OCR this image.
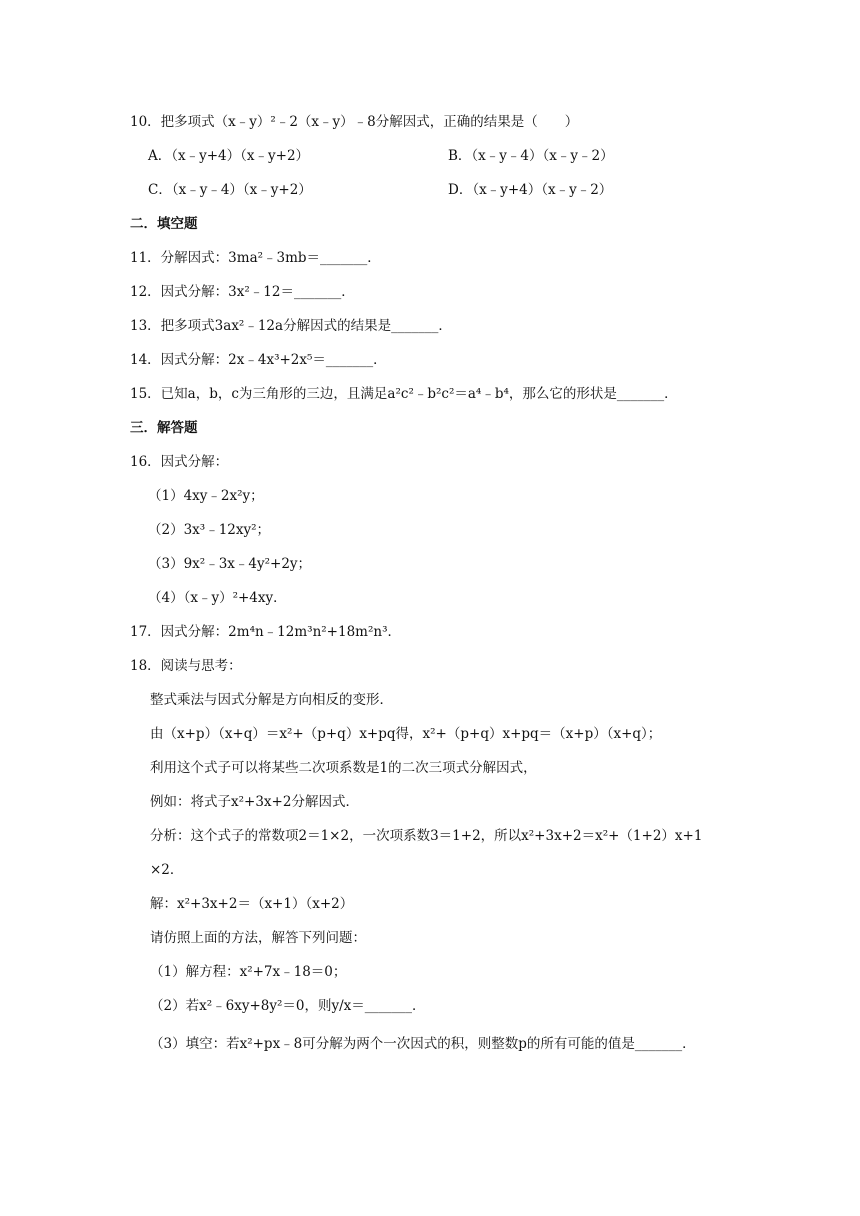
10．把多项式（x﹣y）²﹣2（x﹣y）﹣8分解因式，正确的结果是（　　）
A．（x﹣y+4）（x﹣y+2）	B．（x﹣y﹣4）（x﹣y﹣2）
C．（x﹣y﹣4）（x﹣y+2）	D．（x﹣y+4）（x﹣y﹣2）
二．填空题
11．分解因式：3ma²﹣3mb＝_______．
12．因式分解：3x²﹣12＝_______．
13．把多项式3ax²﹣12a分解因式的结果是_______．
14．因式分解：2x﹣4x³+2x⁵＝_______．
15．已知a，b，c为三角形的三边，且满足a²c²﹣b²c²＝a⁴﹣b⁴，那么它的形状是_______．
三．解答题
16．因式分解：
（1）4xy﹣2x²y；
（2）3x³﹣12xy²；
（3）9x²﹣3x﹣4y²+2y；
（4）（x﹣y）²+4xy．
17．因式分解：2m⁴n﹣12m³n²+18m²n³．
18．阅读与思考：
整式乘法与因式分解是方向相反的变形．
由（x+p）（x+q）＝x²+（p+q）x+pq得，x²+（p+q）x+pq＝（x+p）（x+q）；
利用这个式子可以将某些二次项系数是1的二次三项式分解因式，
例如：将式子x²+3x+2分解因式．
分析：这个式子的常数项2＝1×2，一次项系数3＝1+2，所以x²+3x+2＝x²+（1+2）x+1
×2．
解：x²+3x+2＝（x+1）（x+2）
请仿照上面的方法，解答下列问题：
（1）解方程：x²+7x﹣18＝0；
（2）若x²﹣6xy+8y²＝0，则y/x＝_______．
（3）填空：若x²+px﹣8可分解为两个一次因式的积，则整数p的所有可能的值是_______．
